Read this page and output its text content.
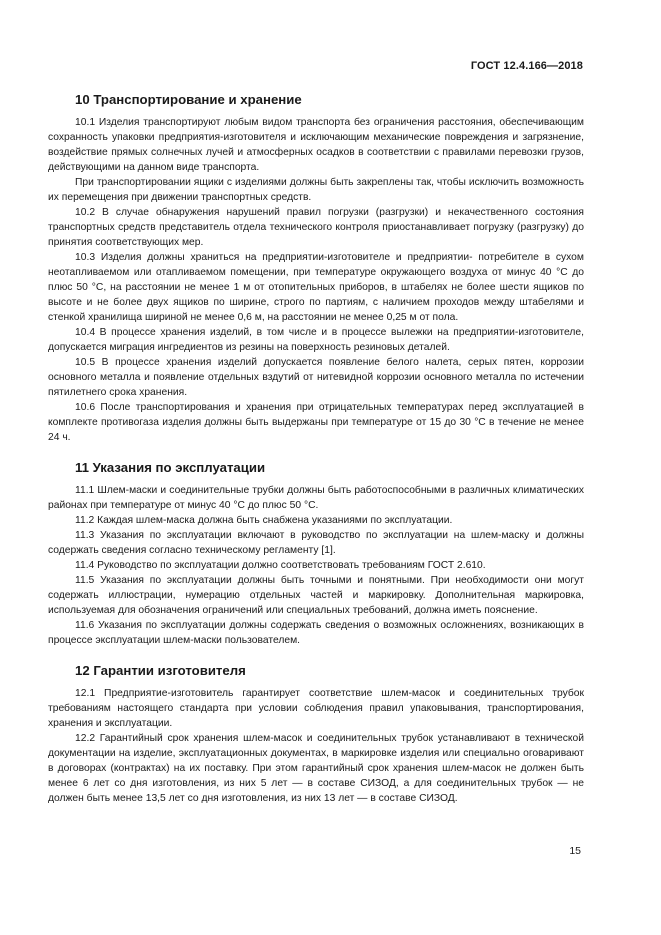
ГОСТ 12.4.166—2018
10 Транспортирование и хранение

10.1 Изделия транспортируют любым видом транспорта без ограничения расстояния, обеспечивающим сохранность упаковки предприятия-изготовителя и исключающим механические повреждения и загрязнение, воздействие прямых солнечных лучей и атмосферных осадков в соответствии с правилами перевозки грузов, действующими на данном виде транспорта.

При транспортировании ящики с изделиями должны быть закреплены так, чтобы исключить возможность их перемещения при движении транспортных средств.

10.2 В случае обнаружения нарушений правил погрузки (разгрузки) и некачественного состояния транспортных средств представитель отдела технического контроля приостанавливает погрузку (разгрузку) до принятия соответствующих мер.

10.3 Изделия должны храниться на предприятии-изготовителе и предприятии- потребителе в сухом неотапливаемом или отапливаемом помещении, при температуре окружающего воздуха от минус 40 °С до плюс 50 °С, на расстоянии не менее 1 м от отопительных приборов, в штабелях не более шести ящиков по высоте и не более двух ящиков по ширине, строго по партиям, с наличием проходов между штабелями и стенкой хранилища шириной не менее 0,6 м, на расстоянии не менее 0,25 м от пола.

10.4 В процессе хранения изделий, в том числе и в процессе вылежки на предприятии-изготовителе, допускается миграция ингредиентов из резины на поверхность резиновых деталей.

10.5 В процессе хранения изделий допускается появление белого налета, серых пятен, коррозии основного металла и появление отдельных вздутий от нитевидной коррозии основного металла по истечении пятилетнего срока хранения.

10.6 После транспортирования и хранения при отрицательных температурах перед эксплуатацией в комплекте противогаза изделия должны быть выдержаны при температуре от 15 до 30 °С в течение не менее 24 ч.

11 Указания по эксплуатации

11.1 Шлем-маски и соединительные трубки должны быть работоспособными в различных климатических районах при температуре от минус 40 °С до плюс 50 °С.

11.2 Каждая шлем-маска должна быть снабжена указаниями по эксплуатации.

11.3 Указания по эксплуатации включают в руководство по эксплуатации на шлем-маску и должны содержать сведения согласно техническому регламенту [1].

11.4 Руководство по эксплуатации должно соответствовать требованиям ГОСТ 2.610.

11.5 Указания по эксплуатации должны быть точными и понятными. При необходимости они могут содержать иллюстрации, нумерацию отдельных частей и маркировку. Дополнительная маркировка, используемая для обозначения ограничений или специальных требований, должна иметь пояснение.

11.6 Указания по эксплуатации должны содержать сведения о возможных осложнениях, возникающих в процессе эксплуатации шлем-маски пользователем.

12 Гарантии изготовителя

12.1 Предприятие-изготовитель гарантирует соответствие шлем-масок и соединительных трубок требованиям настоящего стандарта при условии соблюдения правил упаковывания, транспортирования, хранения и эксплуатации.

12.2 Гарантийный срок хранения шлем-масок и соединительных трубок устанавливают в технической документации на изделие, эксплуатационных документах, в маркировке изделия или специально оговаривают в договорах (контрактах) на их поставку. При этом гарантийный срок хранения шлем-масок не должен быть менее 6 лет со дня изготовления, из них 5 лет — в составе СИЗОД, а для соединительных трубок — не должен быть менее 13,5 лет со дня изготовления, из них 13 лет — в составе СИЗОД.

15
